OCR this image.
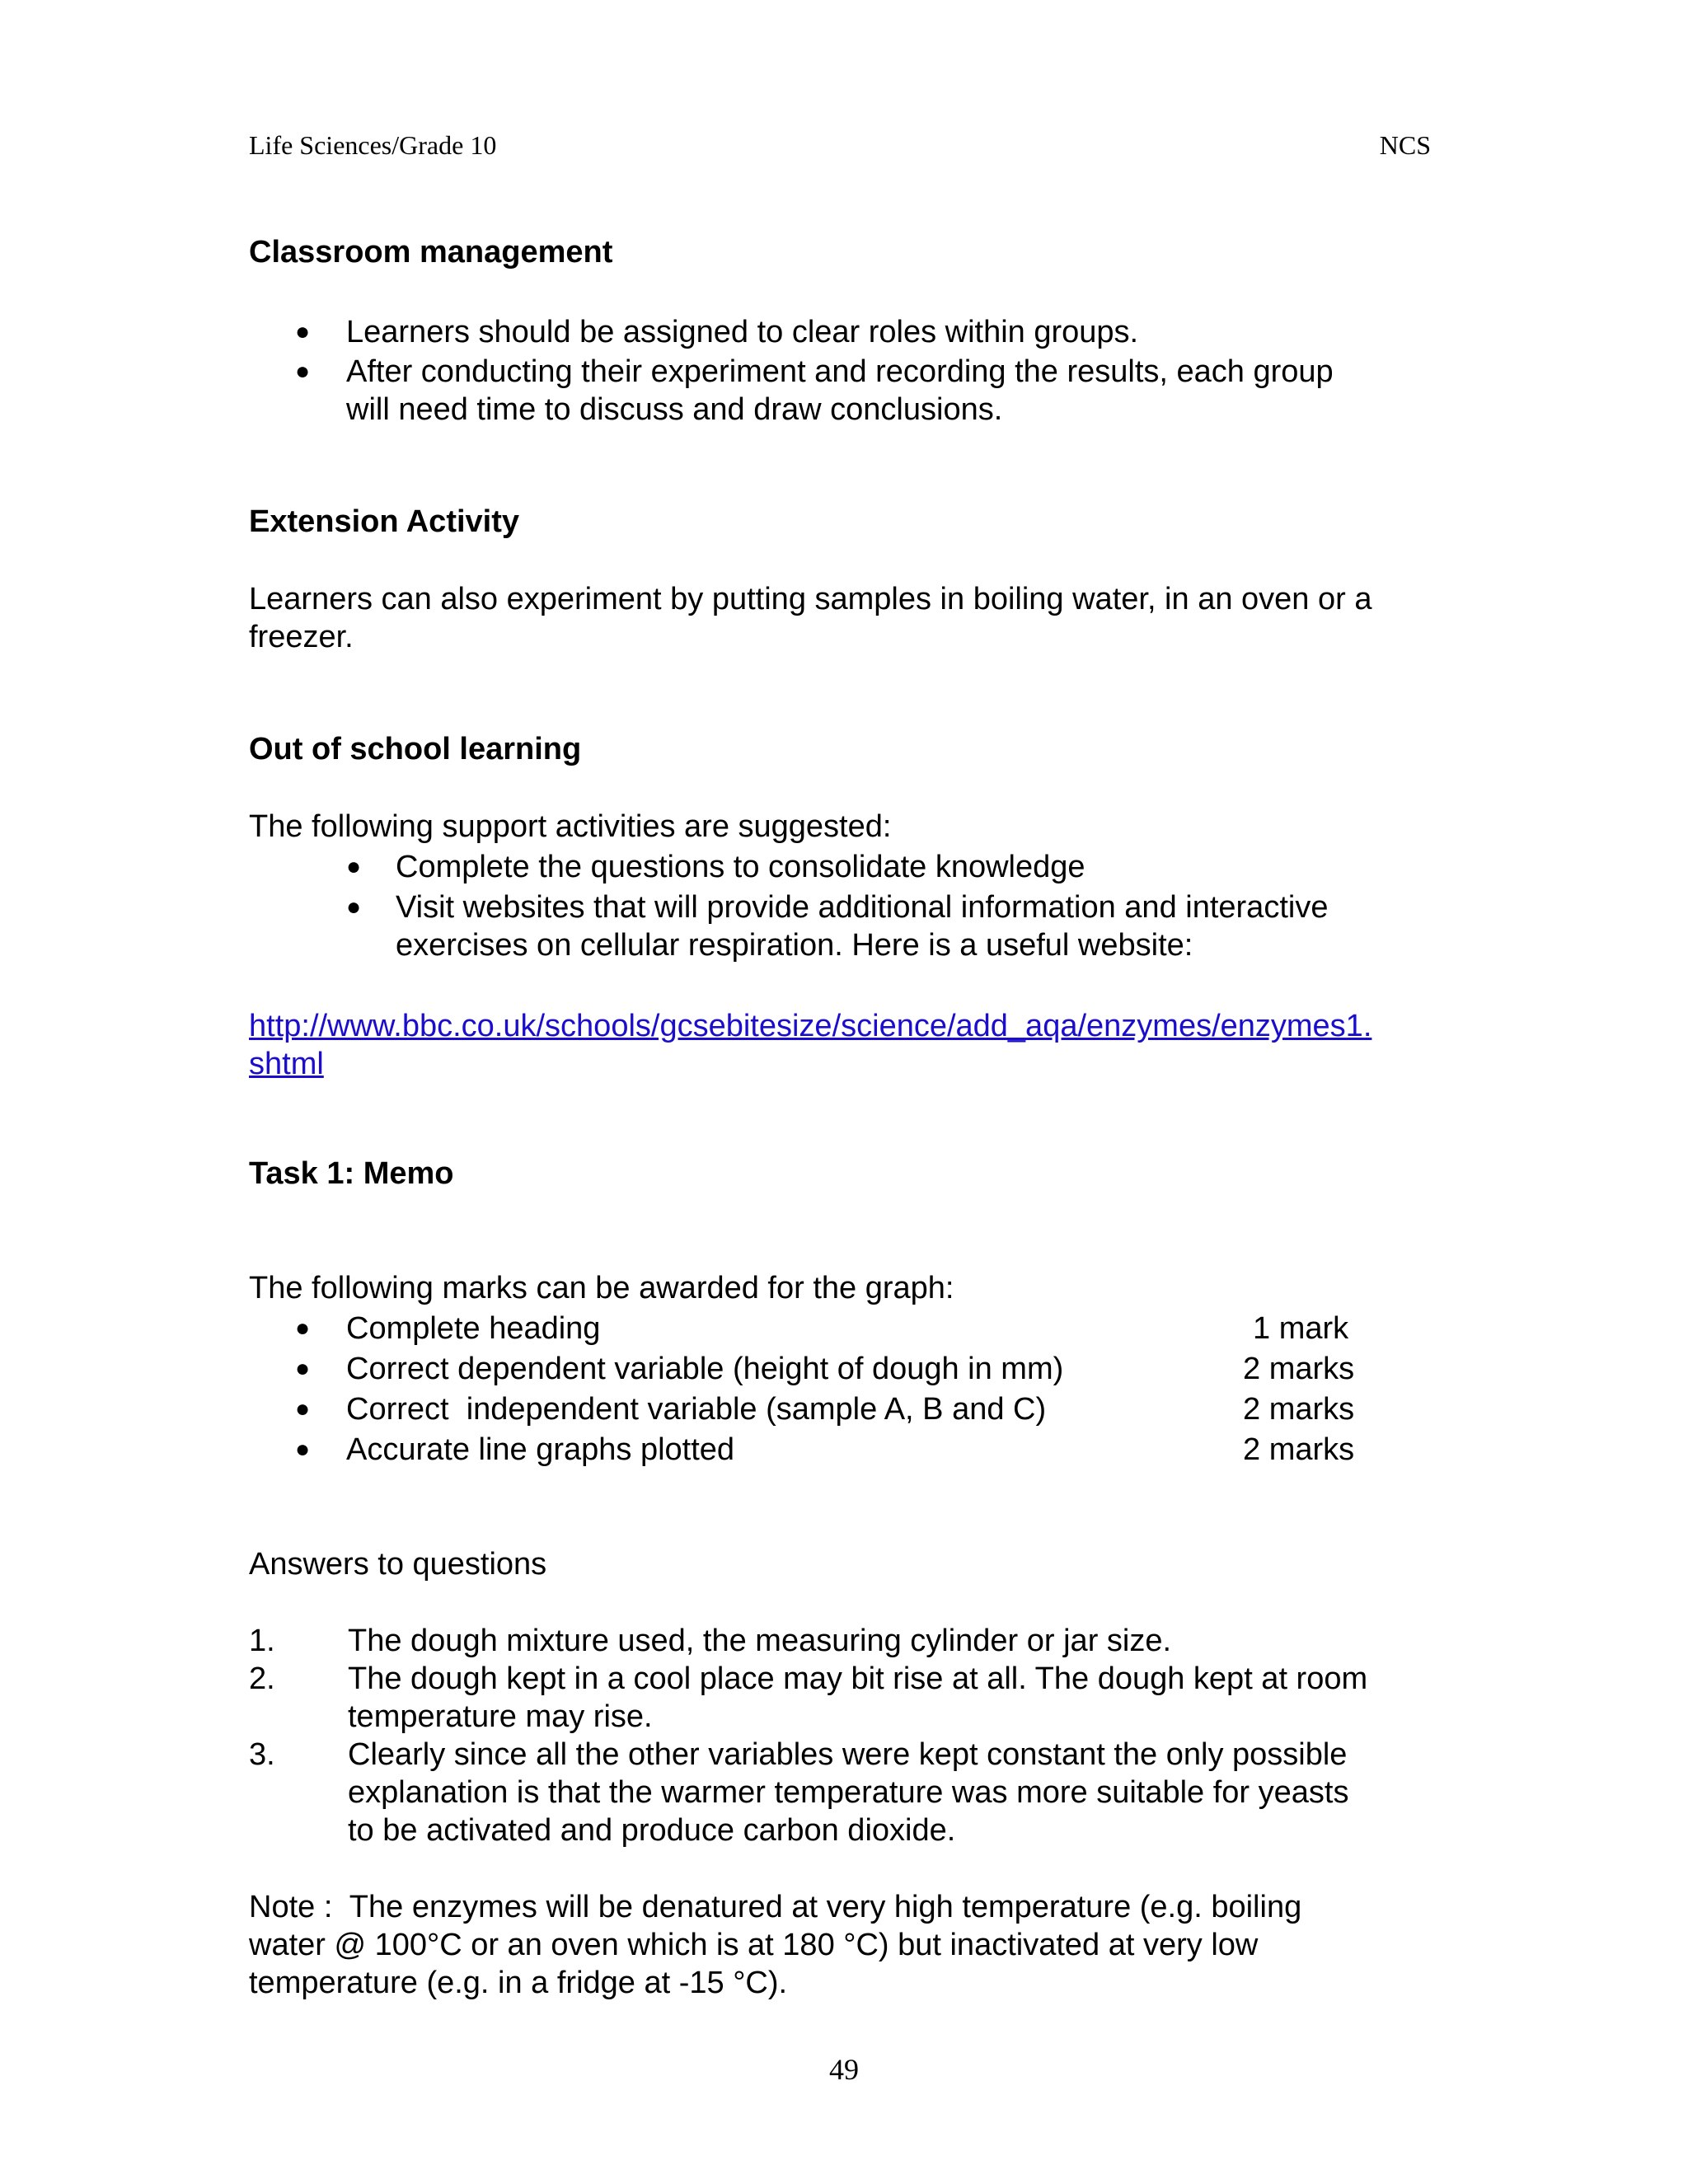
Life Sciences/Grade 10	NCS
Classroom management
●	Learners should be assigned to clear roles within groups.
●	After conducting their experiment and recording the results, each group
will need time to discuss and draw conclusions.
Extension Activity
Learners can also experiment by putting samples in boiling water, in an oven or a
freezer.
Out of school learning
The following support activities are suggested:
●	Complete the questions to consolidate knowledge
●	Visit websites that will provide additional information and interactive
exercises on cellular respiration. Here is a useful website:
http://www.bbc.co.uk/schools/gcsebitesize/science/add_aqa/enzymes/enzymes1.
shtml
Task 1: Memo
The following marks can be awarded for the graph:
●	Complete heading	1 mark
●	Correct dependent variable (height of dough in mm)	2 marks
●	Correct  independent variable (sample A, B and C)	2 marks
●	Accurate line graphs plotted	2 marks
Answers to questions
1. The dough mixture used, the measuring cylinder or jar size.
2. The dough kept in a cool place may bit rise at all. The dough kept at room
temperature may rise.
3. Clearly since all the other variables were kept constant the only possible
explanation is that the warmer temperature was more suitable for yeasts
to be activated and produce carbon dioxide.
Note :  The enzymes will be denatured at very high temperature (e.g. boiling
water @ 100°C or an oven which is at 180 °C) but inactivated at very low
temperature (e.g. in a fridge at -15 °C).
49
